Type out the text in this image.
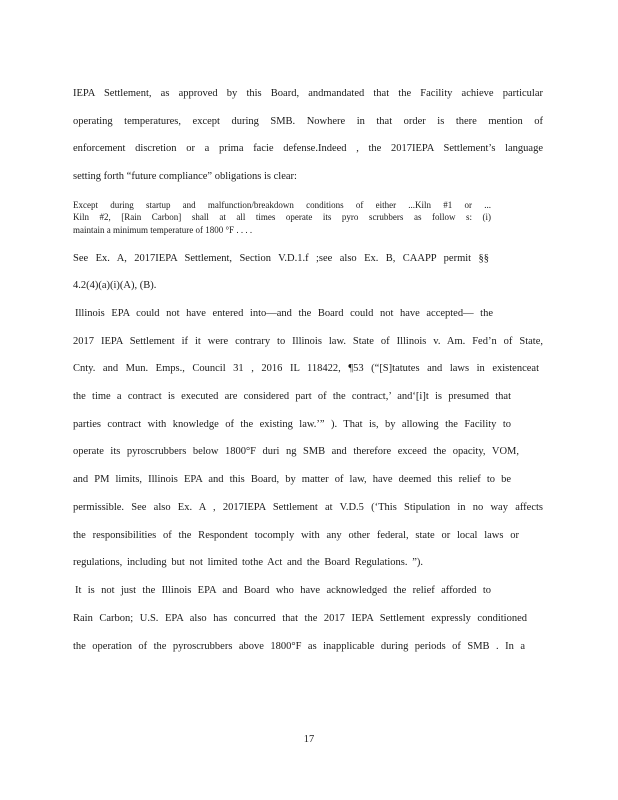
IEPA Settlement, as approved by this Board, andmandated that the Facility achieve particular
operating temperatures, except during SMB. Nowhere in that order is there mention of
enforcement discretion or a prima facie defense.Indeed , the 2017IEPA Settlement’s language
setting forth “future compliance” obligations is clear:
Except during startup and malfunction/breakdown conditions of either ...Kiln #1 or ...
Kiln #2, [Rain Carbon] shall at all times operate its pyro scrubbers as follow s: (i)
maintain a minimum temperature of 1800 °F . . . .
See Ex. A, 2017IEPA Settlement, Section V.D.1.f ;see also Ex. B, CAAPP permit §§
4.2(4)(a)(i)(A), (B).
Illinois EPA could not have entered into—and the Board could not have accepted— the
2017 IEPA Settlement if it were contrary to Illinois law. State of Illinois v. Am. Fed’n of State,
Cnty. and Mun. Emps., Council 31 , 2016 IL 118422, ¶53 (“[S]tatutes and laws in existenceat
the time a contract is executed are considered part of the contract,’ and‘[i]t is presumed that
parties contract with knowledge of the existing law.’” ). That is, by allowing the Facility to
operate its pyroscrubbers below 1800°F duri ng SMB and therefore exceed the opacity, VOM,
and PM limits, Illinois EPA and this Board, by matter of law, have deemed this relief to be
permissible. See also Ex. A , 2017IEPA Settlement at V.D.5 (‘This Stipulation in no way affects
the responsibilities of the Respondent tocomply with any other federal, state or local laws or
regulations, including but not limited tothe Act and the Board Regulations. ”).
It is not just the Illinois EPA and Board who have acknowledged the relief afforded to
Rain Carbon; U.S. EPA also has concurred that the 2017 IEPA Settlement expressly conditioned
the operation of the pyroscrubbers above 1800°F as inapplicable during periods of SMB . In a
17
